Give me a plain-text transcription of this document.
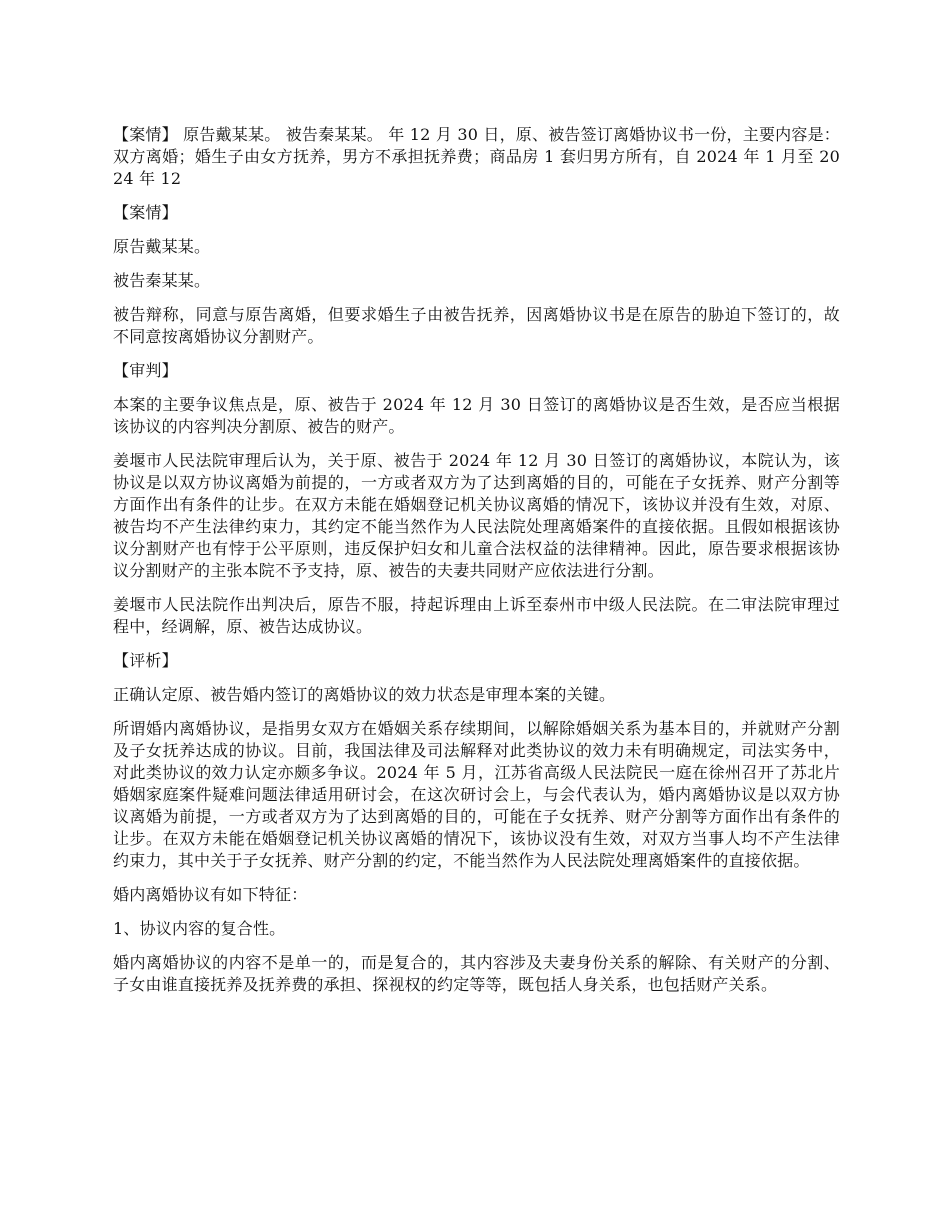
【案情】 原告戴某某。 被告秦某某。 年 12 月 30 日，原、被告签订离婚协议书一份，主要内容是：双方离婚；婚生子由女方抚养，男方不承担抚养费；商品房 1 套归男方所有，自 2024 年 1 月至 2024 年 12

【案情】

原告戴某某。

被告秦某某。

被告辩称，同意与原告离婚，但要求婚生子由被告抚养，因离婚协议书是在原告的胁迫下签订的，故不同意按离婚协议分割财产。

【审判】

本案的主要争议焦点是，原、被告于 2024 年 12 月 30 日签订的离婚协议是否生效，是否应当根据该协议的内容判决分割原、被告的财产。

姜堰市人民法院审理后认为，关于原、被告于 2024 年 12 月 30 日签订的离婚协议，本院认为，该协议是以双方协议离婚为前提的，一方或者双方为了达到离婚的目的，可能在子女抚养、财产分割等方面作出有条件的让步。在双方未能在婚姻登记机关协议离婚的情况下，该协议并没有生效，对原、被告均不产生法律约束力，其约定不能当然作为人民法院处理离婚案件的直接依据。且假如根据该协议分割财产也有悖于公平原则，违反保护妇女和儿童合法权益的法律精神。因此，原告要求根据该协议分割财产的主张本院不予支持，原、被告的夫妻共同财产应依法进行分割。

姜堰市人民法院作出判决后，原告不服，持起诉理由上诉至泰州市中级人民法院。在二审法院审理过程中，经调解，原、被告达成协议。

【评析】

正确认定原、被告婚内签订的离婚协议的效力状态是审理本案的关键。

所谓婚内离婚协议，是指男女双方在婚姻关系存续期间，以解除婚姻关系为基本目的，并就财产分割及子女抚养达成的协议。目前，我国法律及司法解释对此类协议的效力未有明确规定，司法实务中，对此类协议的效力认定亦颇多争议。2024 年 5 月，江苏省高级人民法院民一庭在徐州召开了苏北片婚姻家庭案件疑难问题法律适用研讨会，在这次研讨会上，与会代表认为，婚内离婚协议是以双方协议离婚为前提，一方或者双方为了达到离婚的目的，可能在子女抚养、财产分割等方面作出有条件的让步。在双方未能在婚姻登记机关协议离婚的情况下，该协议没有生效，对双方当事人均不产生法律约束力，其中关于子女抚养、财产分割的约定，不能当然作为人民法院处理离婚案件的直接依据。

婚内离婚协议有如下特征：

1、协议内容的复合性。

婚内离婚协议的内容不是单一的，而是复合的，其内容涉及夫妻身份关系的解除、有关财产的分割、子女由谁直接抚养及抚养费的承担、探视权的约定等等，既包括人身关系，也包括财产关系。
